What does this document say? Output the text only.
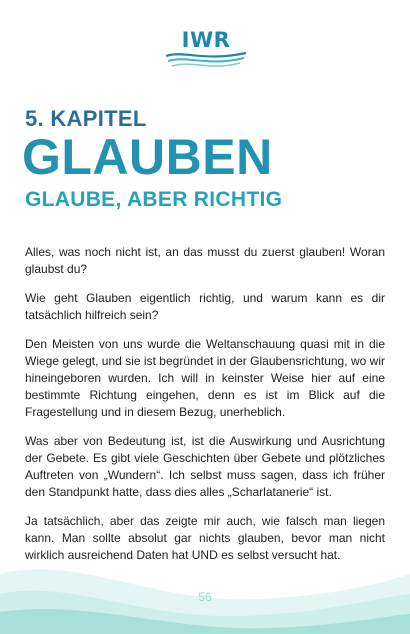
IWR
5. KAPITEL
GLAUBEN
GLAUBE, ABER RICHTIG

Alles, was noch nicht ist, an das musst du zuerst glauben! Woran glaubst du?

Wie geht Glauben eigentlich richtig, und warum kann es dir tatsächlich hilfreich sein?

Den Meisten von uns wurde die Weltanschauung quasi mit in die Wiege gelegt, und sie ist begründet in der Glaubensrichtung, wo wir hineingeboren wurden. Ich will in keinster Weise hier auf eine bestimmte Richtung eingehen, denn es ist im Blick auf die Fragestellung und in diesem Bezug, unerheblich.

Was aber von Bedeutung ist, ist die Auswirkung und Ausrichtung der Gebete. Es gibt viele Geschichten über Gebete und plötzliches Auftreten von „Wundern“. Ich selbst muss sagen, dass ich früher den Standpunkt hatte, dass dies alles „Scharlatanerie“ ist.

Ja tatsächlich, aber das zeigte mir auch, wie falsch man liegen kann. Man sollte absolut gar nichts glauben, bevor man nicht wirklich ausreichend Daten hat UND es selbst versucht hat.

56
